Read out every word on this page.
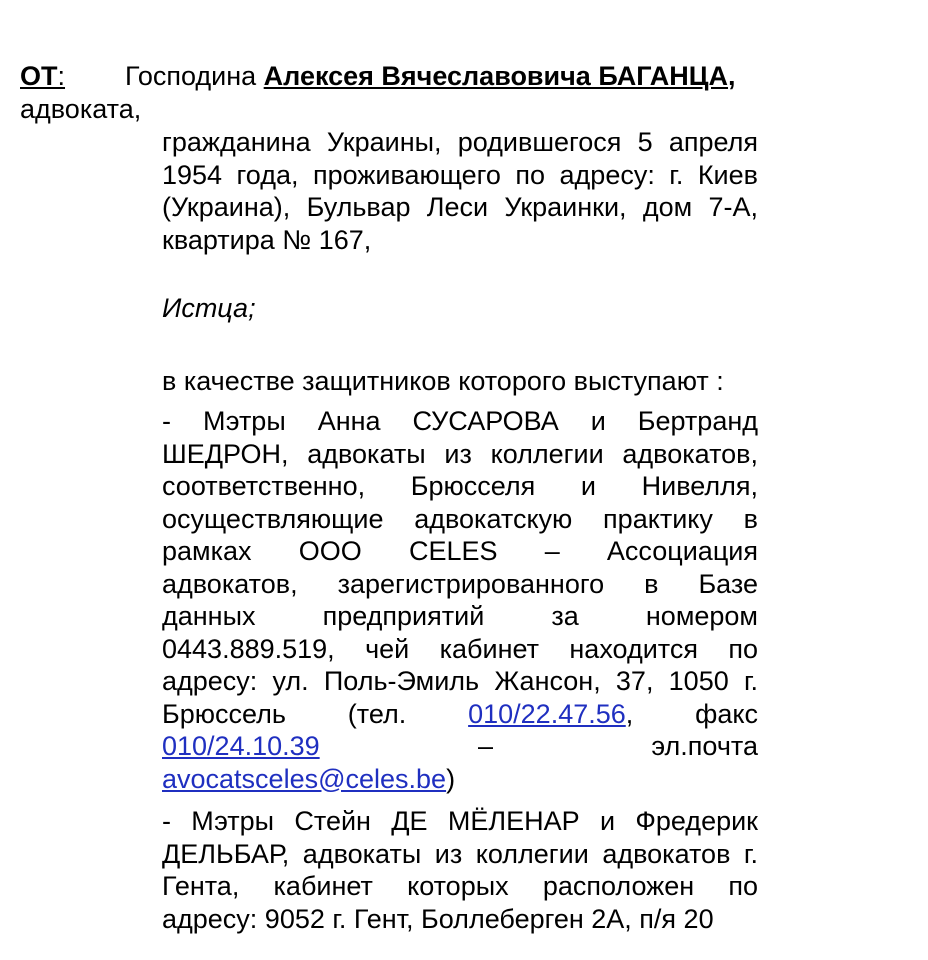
ОТ: Господина Алексея Вячеславовича БАГАНЦА,
адвоката,
гражданина Украины, родившегося 5 апреля
1954 года, проживающего по адресу: г. Киев
(Украина), Бульвар Леси Украинки, дом 7-А,
квартира № 167,
Истца;
в качестве защитников которого выступают :
- Мэтры Анна СУСАРОВА и Бертранд
ШЕДРОН, адвокаты из коллегии адвокатов,
соответственно, Брюсселя и Нивелля,
осуществляющие адвокатскую практику в
рамках ООО CELES – Ассоциация
адвокатов, зарегистрированного в Базе
данных предприятий за номером
0443.889.519, чей кабинет находится по
адресу: ул. Поль-Эмиль Жансон, 37, 1050 г.
Брюссель (тел. 010/22.47.56, факс
010/24.10.39	– эл.почта
avocatsceles@celes.be)
- Мэтры Стейн ДЕ МЁЛЕНАР и Фредерик
ДЕЛЬБАР, адвокаты из коллегии адвокатов г.
Гента, кабинет которых расположен по
адресу: 9052 г. Гент, Боллеберген 2А, п/я 20
